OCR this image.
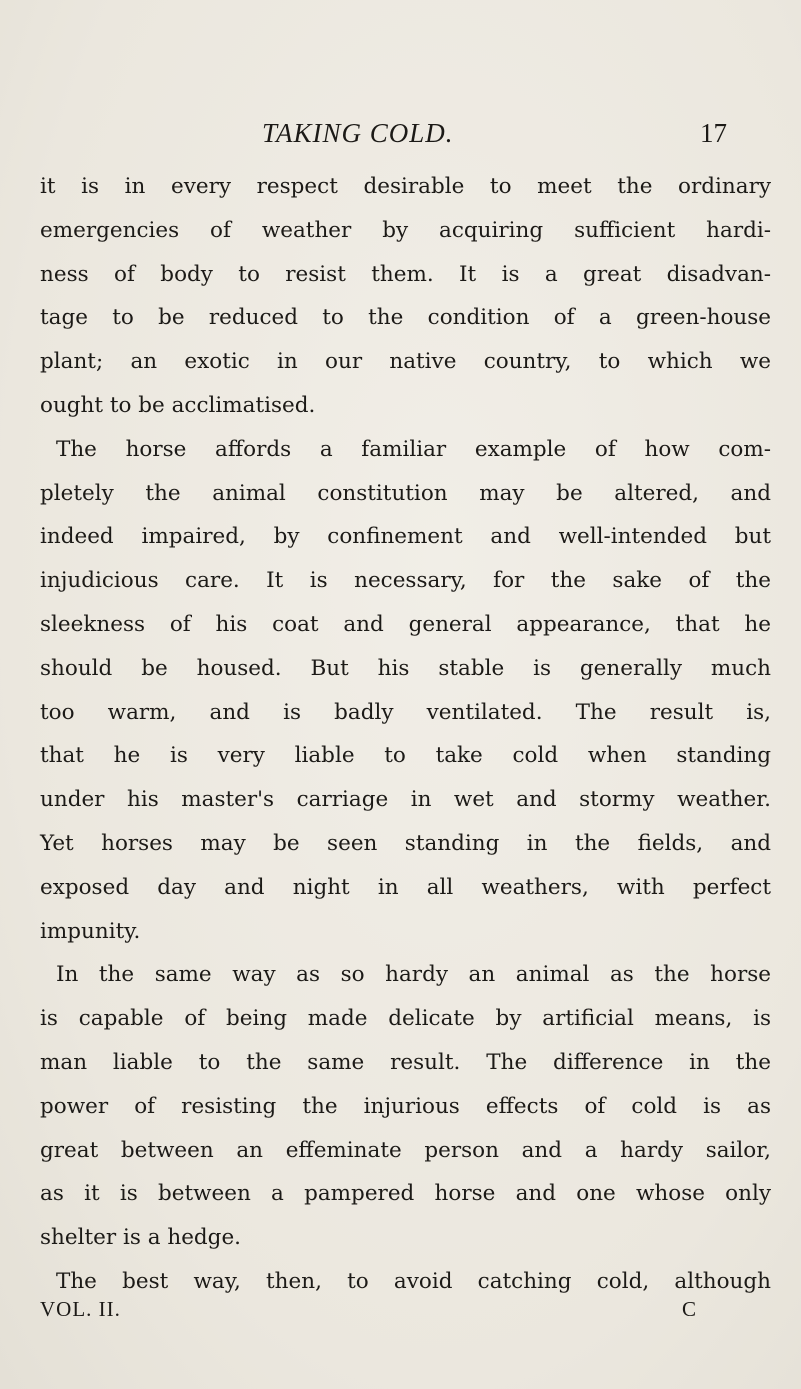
TAKING COLD.	17
it is in every respect desirable to meet the ordinary
emergencies of weather by acquiring sufficient hardi-
ness of body to resist them. It is a great disadvan-
tage to be reduced to the condition of a green-house
plant; an exotic in our native country, to which we
ought to be acclimatised.
The horse affords a familiar example of how com-
pletely the animal constitution may be altered, and
indeed impaired, by confinement and well-intended but
injudicious care. It is necessary, for the sake of the
sleekness of his coat and general appearance, that he
should be housed. But his stable is generally much
too warm, and is badly ventilated. The result is,
that he is very liable to take cold when standing
under his master's carriage in wet and stormy weather.
Yet horses may be seen standing in the fields, and
exposed day and night in all weathers, with perfect
impunity.
In the same way as so hardy an animal as the horse
is capable of being made delicate by artificial means, is
man liable to the same result. The difference in the
power of resisting the injurious effects of cold is as
great between an effeminate person and a hardy sailor,
as it is between a pampered horse and one whose only
shelter is a hedge.
The best way, then, to avoid catching cold, although
VOL. II.	C
